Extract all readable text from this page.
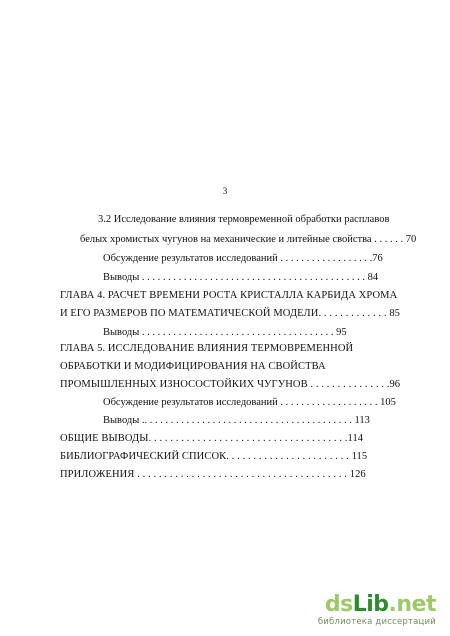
3
3.2 Исследование влияния термовременной обработки расплавов
белых хромистых чугунов на механические и литейные свойства . . . . . . 70
Обсуждение результатов исследований . . . . . . . . . . . . . . . . . .76
Выводы . . . . . . . . . . . . . . . . . . . . . . . . . . . . . . . . . . . . . . . . . . . 84
ГЛАВА 4. РАСЧЕТ ВРЕМЕНИ РОСТА КРИСТАЛЛА КАРБИДА ХРОМА
И ЕГО РАЗМЕРОВ ПО МАТЕМАТИЧЕСКОЙ МОДЕЛИ. . . . . . . . . . . . . 85
Выводы . . . . . . . . . . . . . . . . . . . . . . . . . . . . . . . . . . . . . 95
ГЛАВА 5. ИССЛЕДОВАНИЕ ВЛИЯНИЯ ТЕРМОВРЕМЕННОЙ
ОБРАБОТКИ И МОДИФИЦИРОВАНИЯ НА СВОЙСТВА
ПРОМЫШЛЕННЫХ ИЗНОСОСТОЙКИХ ЧУГУНОВ . . . . . . . . . . . . . . .96
Обсуждение результатов исследований . . . . . . . . . . . . . . . . . . . 105
Выводы .. . . . . . . . . . . . . . . . . . . . . . . . . . . . . . . . . . . . . . . . 113
ОБЩИЕ ВЫВОДЫ. . . . . . . . . . . . . . . . . . . . . . . . . . . . . . . . . . . . .114
БИБЛИОГРАФИЧЕСКИЙ СПИСОК. . . . . . . . . . . . . . . . . . . . . . . 115
ПРИЛОЖЕНИЯ . . . . . . . . . . . . . . . . . . . . . . . . . . . . . . . . . . . . . . . 126
dsLib.net
библиотека диссертаций
